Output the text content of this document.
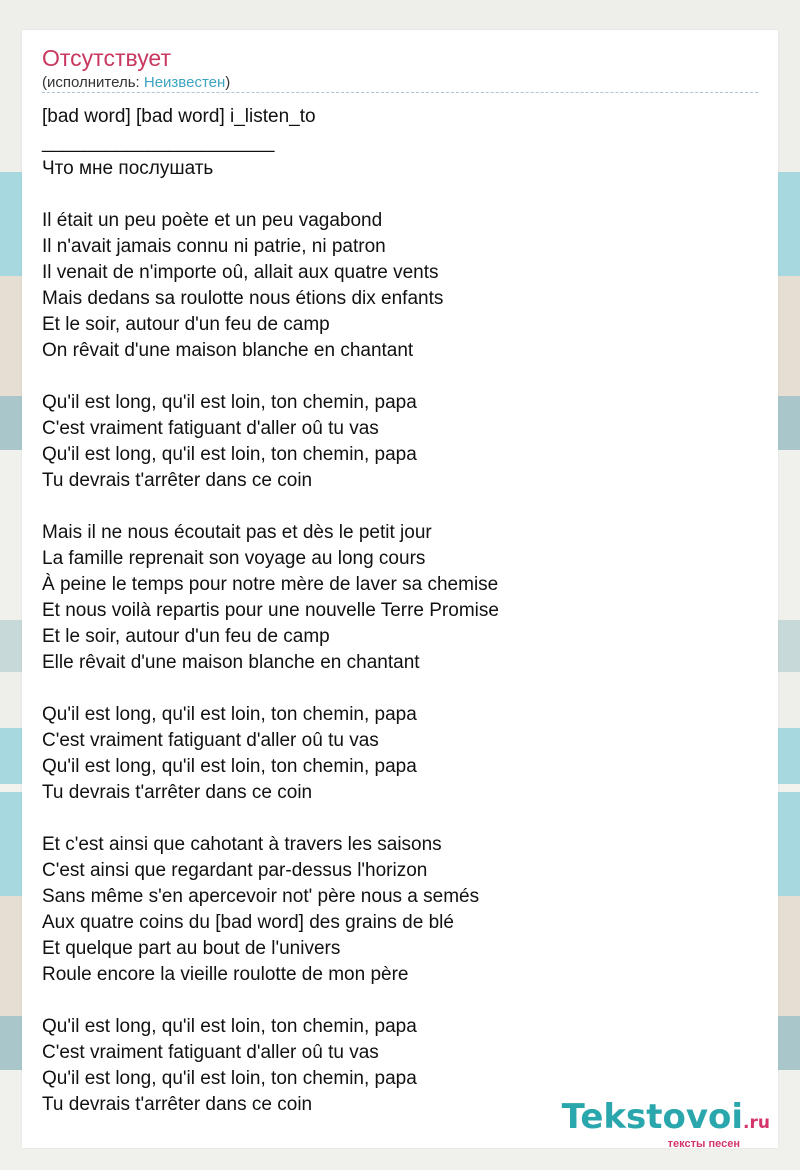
Отсутствует
(исполнитель: Неизвестен)
[bad word] [bad word] i_listen_to
______________________
Что мне послушать
Il était un peu poète et un peu vagabond
Il n'avait jamais connu ni patrie, ni patron
Il venait de n'importe oû, allait aux quatre vents
Mais dedans sa roulotte nous étions dix enfants
Et le soir, autour d'un feu de camp
On rêvait d'une maison blanche en chantant
Qu'il est long, qu'il est loin, ton chemin, papa
C'est vraiment fatiguant d'aller oû tu vas
Qu'il est long, qu'il est loin, ton chemin, papa
Tu devrais t'arrêter dans ce coin
Mais il ne nous écoutait pas et dès le petit jour
La famille reprenait son voyage au long cours
À peine le temps pour notre mère de laver sa chemise
Et nous voilà repartis pour une nouvelle Terre Promise
Et le soir, autour d'un feu de camp
Elle rêvait d'une maison blanche en chantant
Qu'il est long, qu'il est loin, ton chemin, papa
C'est vraiment fatiguant d'aller oû tu vas
Qu'il est long, qu'il est loin, ton chemin, papa
Tu devrais t'arrêter dans ce coin
Et c'est ainsi que cahotant à travers les saisons
C'est ainsi que regardant par-dessus l'horizon
Sans même s'en apercevoir not' père nous a semés
Aux quatre coins du [bad word] des grains de blé
Et quelque part au bout de l'univers
Roule encore la vieille roulotte de mon père
Qu'il est long, qu'il est loin, ton chemin, papa
C'est vraiment fatiguant d'aller oû tu vas
Qu'il est long, qu'il est loin, ton chemin, papa
Tu devrais t'arrêter dans ce coin	Tekstovoi.ru
тексты песен
